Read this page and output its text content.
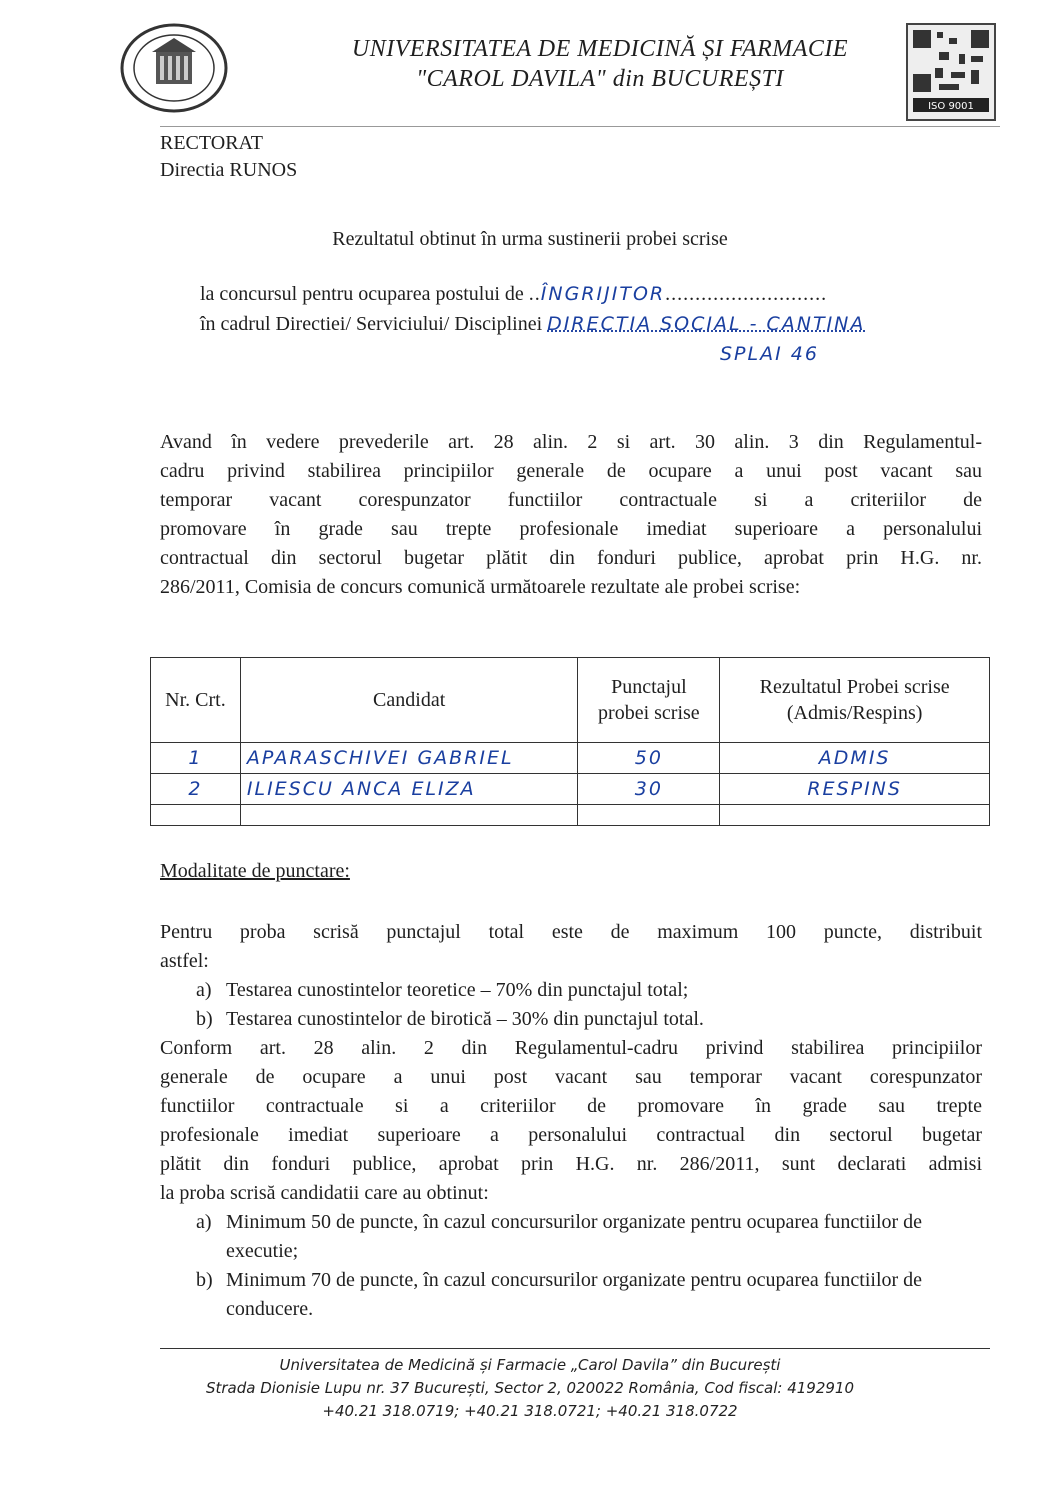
UNIVERSITATEA DE MEDICINĂ ȘI FARMACIE
"CAROL DAVILA" din BUCUREȘTI
ISO 9001
RECTORAT
Directia RUNOS
Rezultatul obtinut în urma sustinerii probei scrise
la concursul pentru ocuparea postului de ..ÎNGRIJITOR...........................
în cadrul Directiei/ Serviciului/ Disciplinei DIRECTIA SOCIAL - CANTINA
SPLAI 46
Avand în vedere prevederile art. 28 alin. 2 si art. 30 alin. 3 din Regulamentul-
cadru privind stabilirea principiilor generale de ocupare a unui post vacant sau
temporar vacant corespunzator functiilor contractuale si a criteriilor de
promovare în grade sau trepte profesionale imediat superioare a personalului
contractual din sectorul bugetar plătit din fonduri publice, aprobat prin H.G. nr.
286/2011, Comisia de concurs comunică următoarele rezultate ale probei scrise:
Nr. Crt.	Candidat	Punctajul probei scrise	Rezultatul Probei scrise (Admis/Respins)
1	APARASCHIVEI GABRIEL	50	ADMIS
2	ILIESCU ANCA ELIZA	30	RESPINS

Modalitate de punctare:
Pentru proba scrisă punctajul total este de maximum 100 puncte, distribuit
astfel:
a) Testarea cunostintelor teoretice – 70% din punctajul total;
b) Testarea cunostintelor de birotică – 30% din punctajul total.
Conform art. 28 alin. 2 din Regulamentul-cadru privind stabilirea principiilor
generale de ocupare a unui post vacant sau temporar vacant corespunzator
functiilor contractuale si a criteriilor de promovare în grade sau trepte
profesionale imediat superioare a personalului contractual din sectorul bugetar
plătit din fonduri publice, aprobat prin H.G. nr. 286/2011, sunt declarati admisi
la proba scrisă candidatii care au obtinut:
a) Minimum 50 de puncte, în cazul concursurilor organizate pentru ocuparea functiilor de executie;
b) Minimum 70 de puncte, în cazul concursurilor organizate pentru ocuparea functiilor de conducere.
Universitatea de Medicină și Farmacie „Carol Davila” din București
Strada Dionisie Lupu nr. 37 București, Sector 2, 020022 România, Cod fiscal: 4192910
+40.21 318.0719; +40.21 318.0721; +40.21 318.0722
